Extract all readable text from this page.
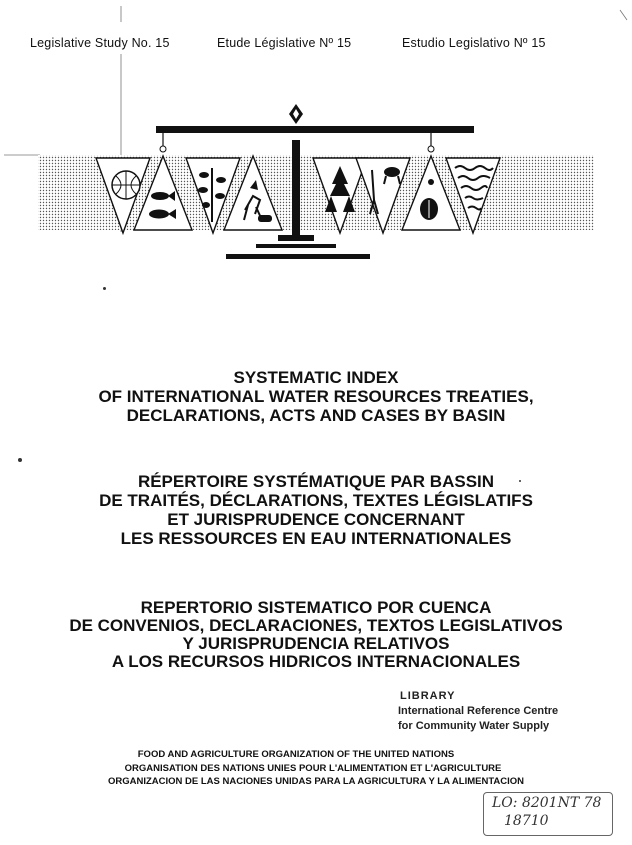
Legislative Study No. 15	Etude Législative Nº 15	Estudio Legislativo Nº 15
SYSTEMATIC INDEX
OF INTERNATIONAL WATER RESOURCES TREATIES,
DECLARATIONS, ACTS AND CASES BY BASIN
RÉPERTOIRE SYSTÉMATIQUE PAR BASSIN
DE TRAITÉS, DÉCLARATIONS, TEXTES LÉGISLATIFS
ET JURISPRUDENCE CONCERNANT
LES RESSOURCES EN EAU INTERNATIONALES
REPERTORIO SISTEMATICO POR CUENCA
DE CONVENIOS, DECLARACIONES, TEXTOS LEGISLATIVOS
Y JURISPRUDENCIA RELATIVOS
A LOS RECURSOS HIDRICOS INTERNACIONALES
LIBRARY
International Reference Centre
for Community Water Supply
FOOD AND AGRICULTURE ORGANIZATION OF THE UNITED NATIONS
ORGANISATION DES NATIONS UNIES POUR L'ALIMENTATION ET L'AGRICULTURE
ORGANIZACION DE LAS NACIONES UNIDAS PARA LA AGRICULTURA Y LA ALIMENTACION
LO: 8201NT 78
18710
